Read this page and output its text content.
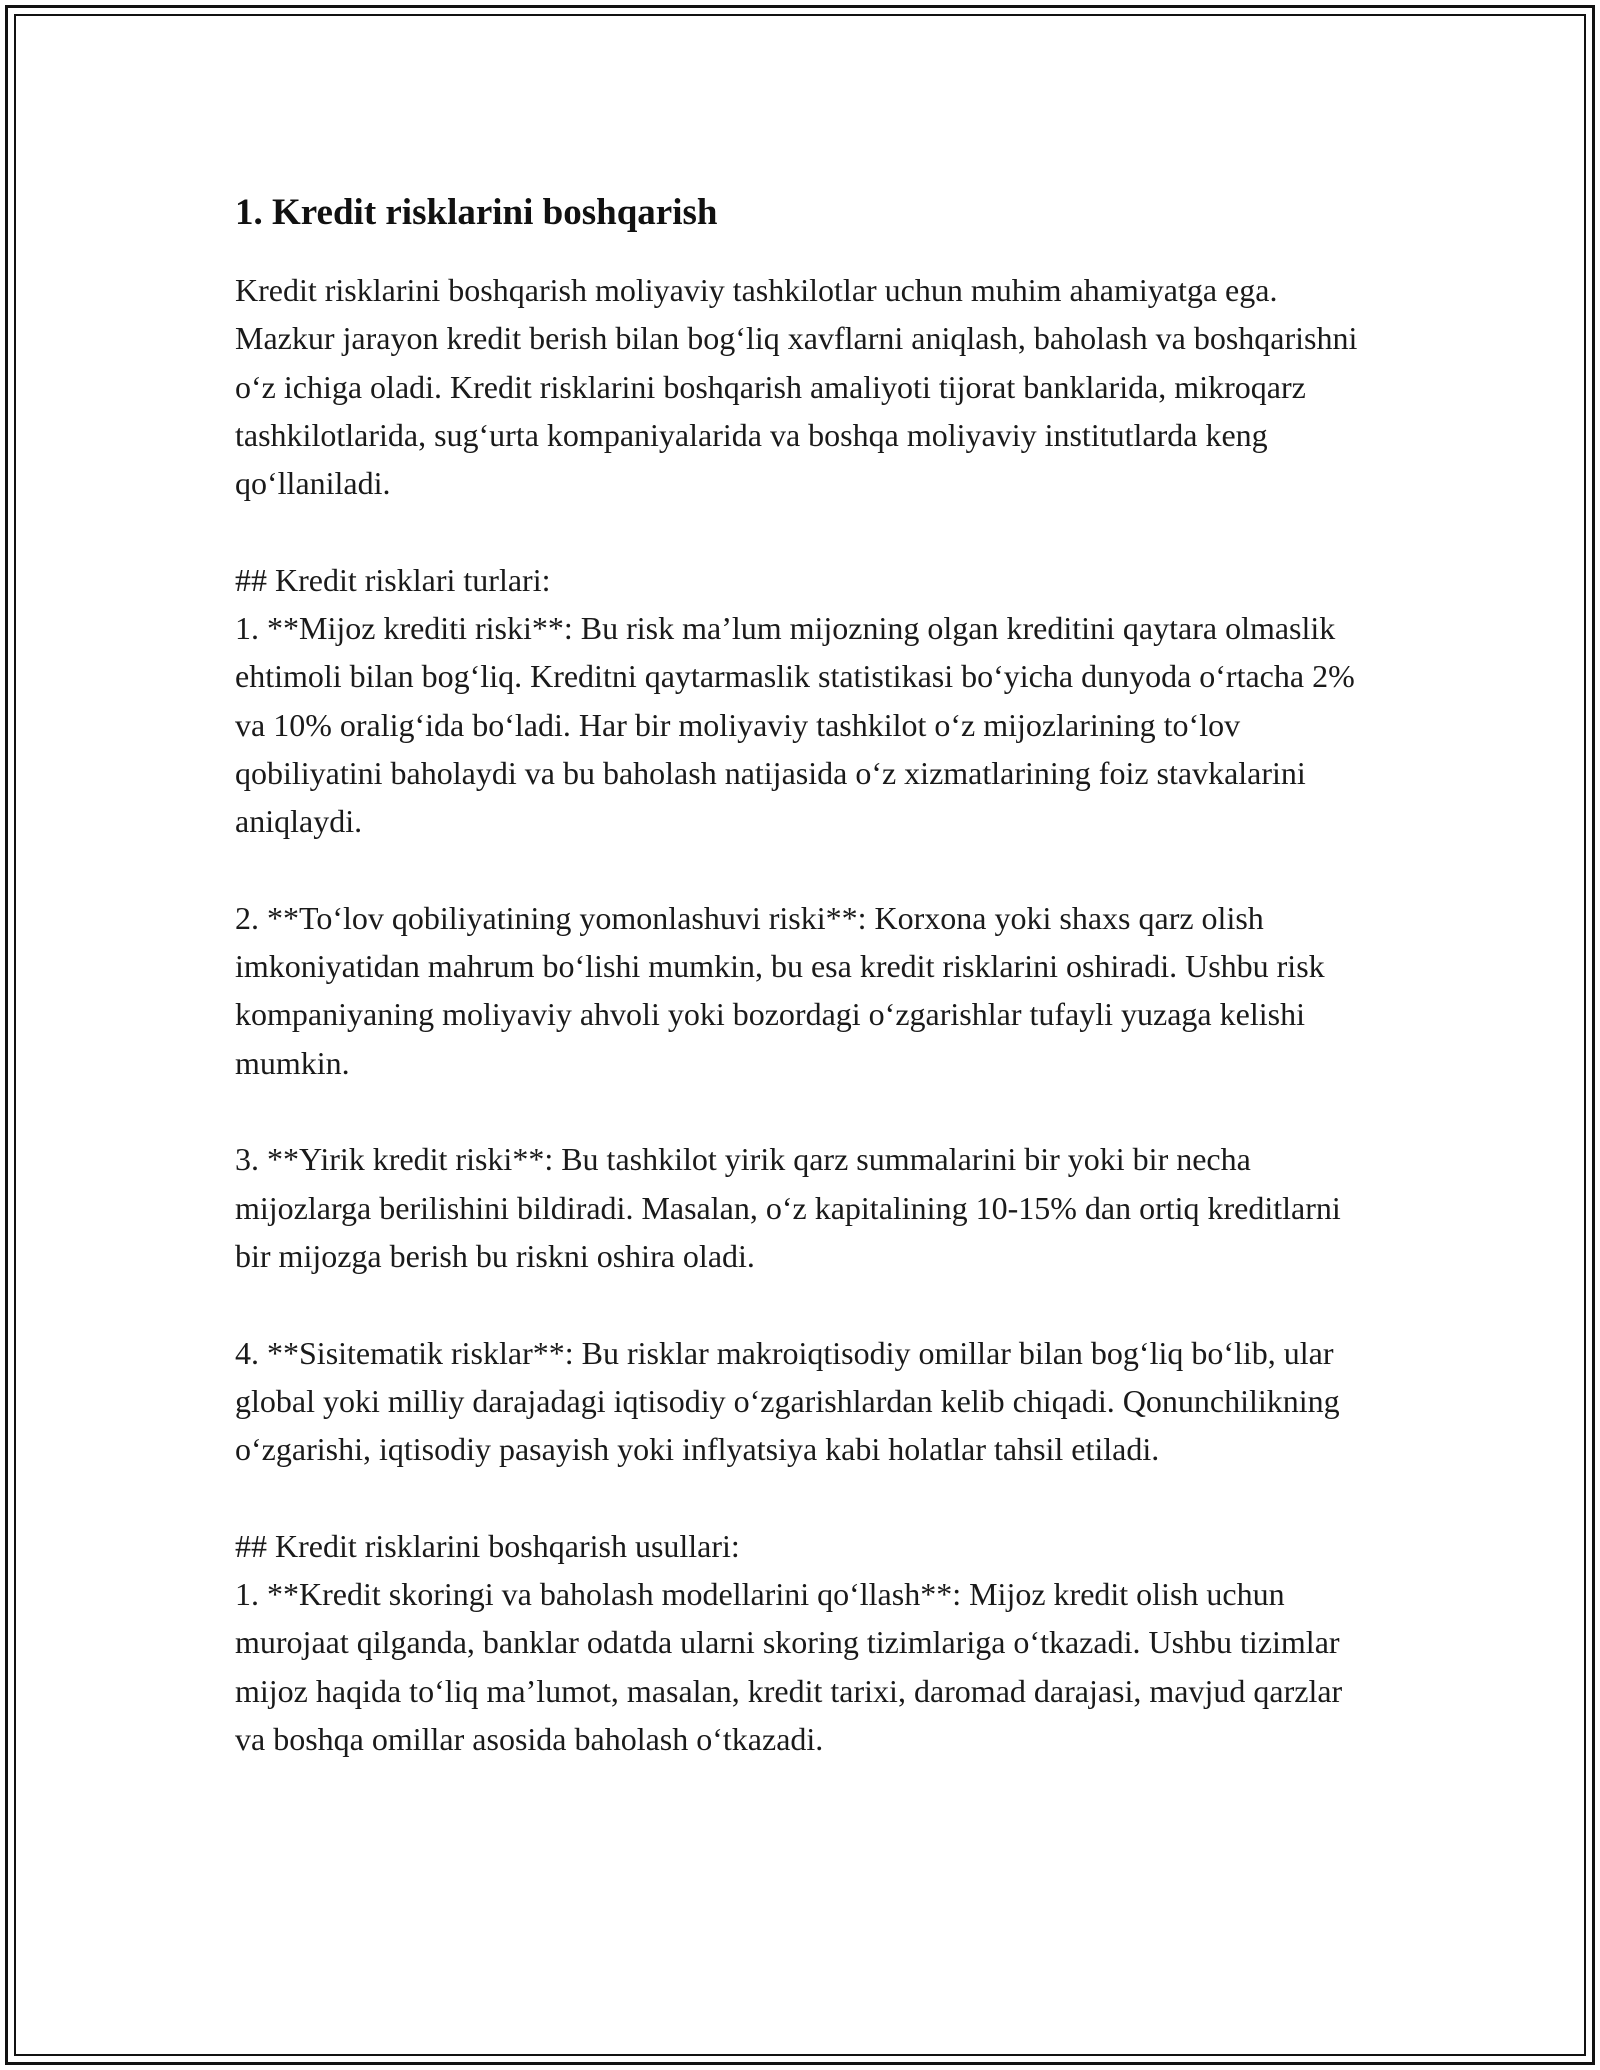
1. Kredit risklarini boshqarish

Kredit risklarini boshqarish moliyaviy tashkilotlar uchun muhim ahamiyatga ega. Mazkur jarayon kredit berish bilan bog‘liq xavflarni aniqlash, baholash va boshqarishni o‘z ichiga oladi. Kredit risklarini boshqarish amaliyoti tijorat banklarida, mikroqarz tashkilotlarida, sug‘urta kompaniyalarida va boshqa moliyaviy institutlarda keng qo‘llaniladi.

## Kredit risklari turlari:

1. **Mijoz krediti riski**: Bu risk ma’lum mijozning olgan kreditini qaytara olmaslik ehtimoli bilan bog‘liq. Kreditni qaytarmaslik statistikasi bo‘yicha dunyoda o‘rtacha 2% va 10% oralig‘ida bo‘ladi. Har bir moliyaviy tashkilot o‘z mijozlarining to‘lov qobiliyatini baholaydi va bu baholash natijasida o‘z xizmatlarining foiz stavkalarini aniqlaydi.

2. **To‘lov qobiliyatining yomonlashuvi riski**: Korxona yoki shaxs qarz olish imkoniyatidan mahrum bo‘lishi mumkin, bu esa kredit risklarini oshiradi. Ushbu risk kompaniyaning moliyaviy ahvoli yoki bozordagi o‘zgarishlar tufayli yuzaga kelishi mumkin.

3. **Yirik kredit riski**: Bu tashkilot yirik qarz summalarini bir yoki bir necha mijozlarga berilishini bildiradi. Masalan, o‘z kapitalining 10-15% dan ortiq kreditlarni bir mijozga berish bu riskni oshira oladi.

4. **Sisitematik risklar**: Bu risklar makroiqtisodiy omillar bilan bog‘liq bo‘lib, ular global yoki milliy darajadagi iqtisodiy o‘zgarishlardan kelib chiqadi. Qonunchilikning o‘zgarishi, iqtisodiy pasayish yoki inflyatsiya kabi holatlar tahsil etiladi.

## Kredit risklarini boshqarish usullari:

1. **Kredit skoringi va baholash modellarini qo‘llash**: Mijoz kredit olish uchun murojaat qilganda, banklar odatda ularni skoring tizimlariga o‘tkazadi. Ushbu tizimlar mijoz haqida to‘liq ma’lumot, masalan, kredit tarixi, daromad darajasi, mavjud qarzlar va boshqa omillar asosida baholash o‘tkazadi.
